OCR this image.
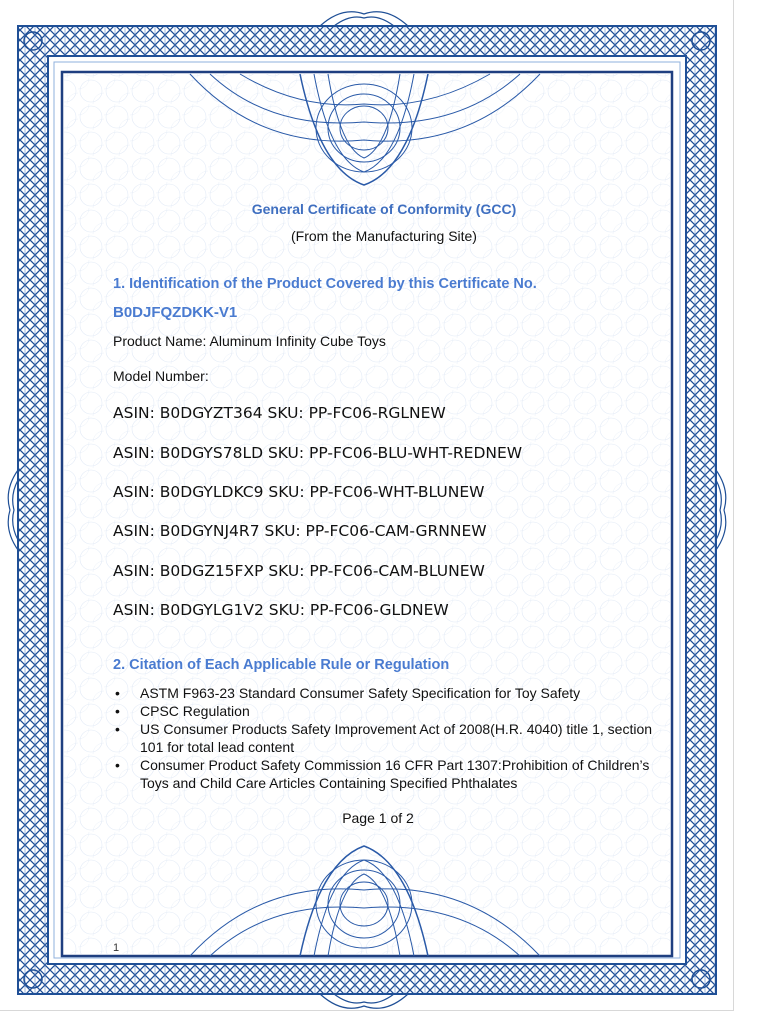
General Certificate of Conformity (GCC)
(From the Manufacturing Site)
1. Identification of the Product Covered by this Certificate No.
B0DJFQZDKK-V1
Product Name: Aluminum Infinity Cube Toys
Model Number:
ASIN: B0DGYZT364 SKU: PP-FC06-RGLNEW
ASIN: B0DGYS78LD SKU: PP-FC06-BLU-WHT-REDNEW
ASIN: B0DGYLDKC9 SKU: PP-FC06-WHT-BLUNEW
ASIN: B0DGYNJ4R7 SKU: PP-FC06-CAM-GRNNEW
ASIN: B0DGZ15FXP SKU: PP-FC06-CAM-BLUNEW
ASIN: B0DGYLG1V2 SKU: PP-FC06-GLDNEW
2. Citation of Each Applicable Rule or Regulation
• ASTM F963-23 Standard Consumer Safety Specification for Toy Safety
• CPSC Regulation
• US Consumer Products Safety Improvement Act of 2008(H.R. 4040) title 1, section 101 for total lead content
• Consumer Product Safety Commission 16 CFR Part 1307:Prohibition of Children’s Toys and Child Care Articles Containing Specified Phthalates
Page 1 of 2
1
